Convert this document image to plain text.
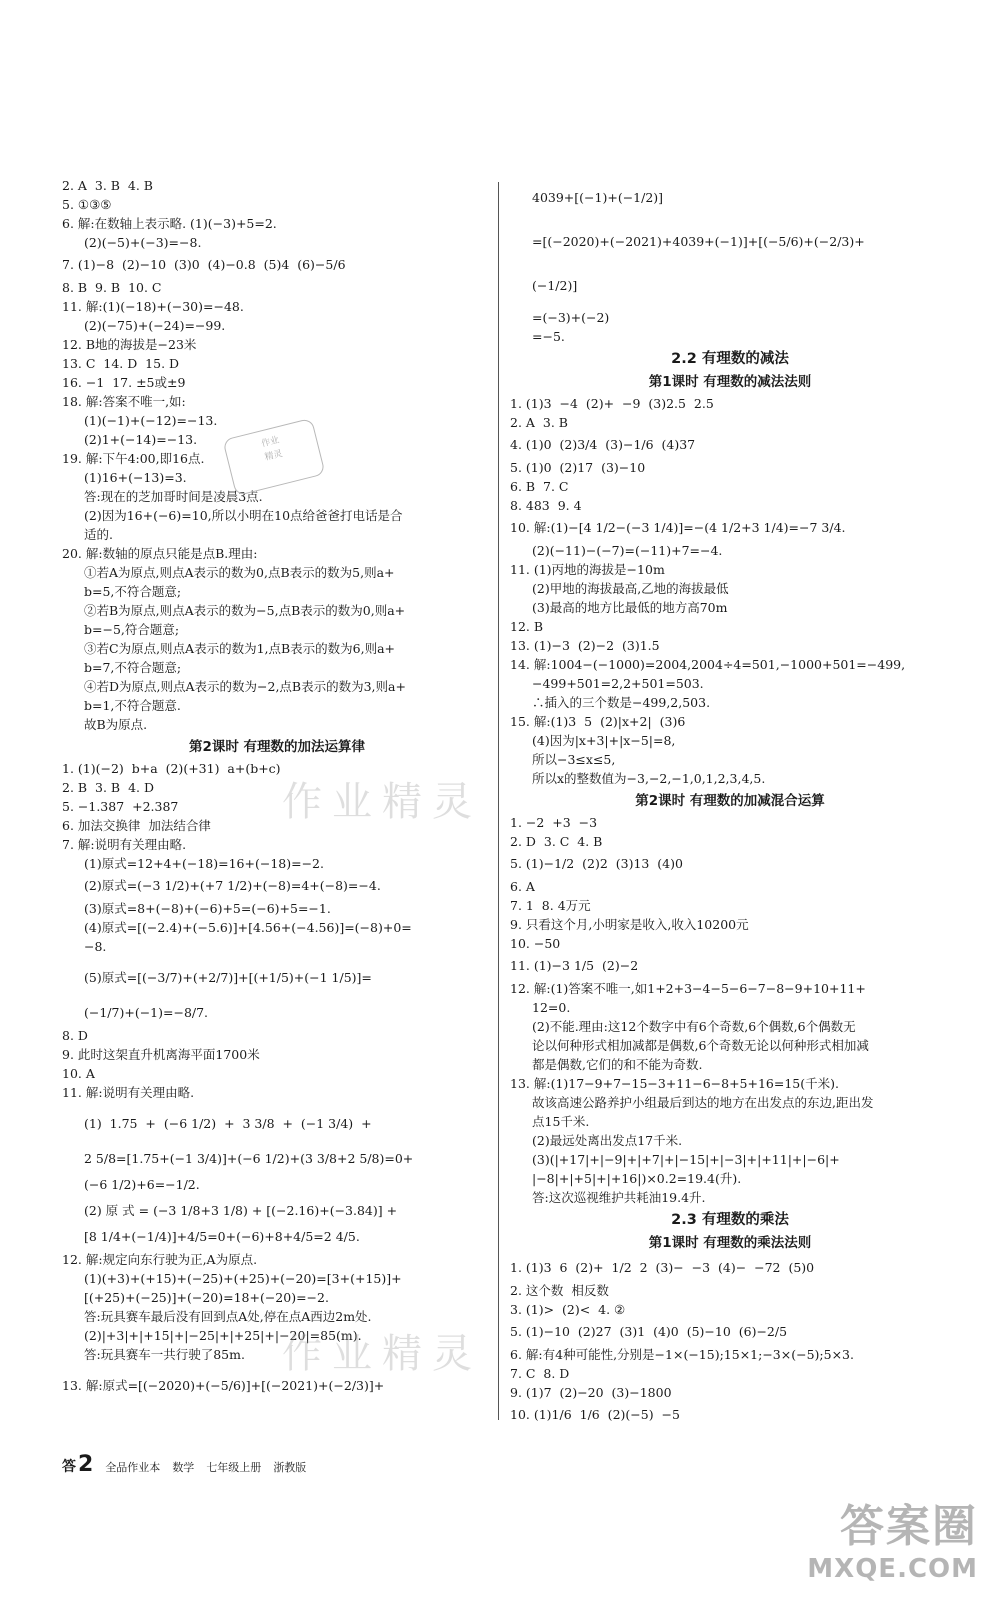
2. A  3. B  4. B
5. ①③⑤
6. 解:在数轴上表示略. (1)(−3)+5=2.
(2)(−5)+(−3)=−8.
7. (1)−8  (2)−10  (3)0  (4)−0.8  (5)4  (6)−5/6
8. B  9. B  10. C
11. 解:(1)(−18)+(−30)=−48.
(2)(−75)+(−24)=−99.
12. B地的海拔是−23米
13. C  14. D  15. D
16. −1  17. ±5或±9
18. 解:答案不唯一,如:
(1)(−1)+(−12)=−13.
(2)1+(−14)=−13.
19. 解:下午4:00,即16点.
(1)16+(−13)=3.
答:现在的芝加哥时间是凌晨3点.
(2)因为16+(−6)=10,所以小明在10点给爸爸打电话是合
适的.
20. 解:数轴的原点只能是点B.理由:
①若A为原点,则点A表示的数为0,点B表示的数为5,则a+
b=5,不符合题意;
②若B为原点,则点A表示的数为−5,点B表示的数为0,则a+
b=−5,符合题意;
③若C为原点,则点A表示的数为1,点B表示的数为6,则a+
b=7,不符合题意;
④若D为原点,则点A表示的数为−2,点B表示的数为3,则a+
b=1,不符合题意.
故B为原点.
第2课时 有理数的加法运算律
1. (1)(−2)  b+a  (2)(+31)  a+(b+c)
2. B  3. B  4. D
5. −1.387  +2.387
6. 加法交换律  加法结合律
7. 解:说明有关理由略.
(1)原式=12+4+(−18)=16+(−18)=−2.
(2)原式=(−3 1/2)+(+7 1/2)+(−8)=4+(−8)=−4.
(3)原式=8+(−8)+(−6)+5=(−6)+5=−1.
(4)原式=[(−2.4)+(−5.6)]+[4.56+(−4.56)]=(−8)+0=
−8.
(5)原式=[(−3/7)+(+2/7)]+[(+1/5)+(−1 1/5)]=
(−1/7)+(−1)=−8/7.
8. D
9. 此时这架直升机离海平面1700米
10. A
11. 解:说明有关理由略.
(1)  1.75  +  (−6 1/2)  +  3 3/8  +  (−1 3/4)  +
2 5/8=[1.75+(−1 3/4)]+(−6 1/2)+(3 3/8+2 5/8)=0+
(−6 1/2)+6=−1/2.
(2) 原 式 = (−3 1/8+3 1/8) + [(−2.16)+(−3.84)] +
[8 1/4+(−1/4)]+4/5=0+(−6)+8+4/5=2 4/5.
12. 解:规定向东行驶为正,A为原点.
(1)(+3)+(+15)+(−25)+(+25)+(−20)=[3+(+15)]+
[(+25)+(−25)]+(−20)=18+(−20)=−2.
答:玩具赛车最后没有回到点A处,停在点A西边2m处.
(2)|+3|+|+15|+|−25|+|+25|+|−20|=85(m).
答:玩具赛车一共行驶了85m.
13. 解:原式=[(−2020)+(−5/6)]+[(−2021)+(−2/3)]+
4039+[(−1)+(−1/2)]
=[(−2020)+(−2021)+4039+(−1)]+[(−5/6)+(−2/3)+
(−1/2)]
=(−3)+(−2)
=−5.
2.2 有理数的减法
第1课时 有理数的减法法则
1. (1)3  −4  (2)+  −9  (3)2.5  2.5
2. A  3. B
4. (1)0  (2)3/4  (3)−1/6  (4)37
5. (1)0  (2)17  (3)−10
6. B  7. C
8. 483  9. 4
10. 解:(1)−[4 1/2−(−3 1/4)]=−(4 1/2+3 1/4)=−7 3/4.
(2)(−11)−(−7)=(−11)+7=−4.
11. (1)丙地的海拔是−10m
(2)甲地的海拔最高,乙地的海拔最低
(3)最高的地方比最低的地方高70m
12. B
13. (1)−3  (2)−2  (3)1.5
14. 解:1004−(−1000)=2004,2004÷4=501,−1000+501=−499,
−499+501=2,2+501=503.
∴插入的三个数是−499,2,503.
15. 解:(1)3  5  (2)|x+2|  (3)6
(4)因为|x+3|+|x−5|=8,
所以−3≤x≤5,
所以x的整数值为−3,−2,−1,0,1,2,3,4,5.
第2课时 有理数的加减混合运算
1. −2  +3  −3
2. D  3. C  4. B
5. (1)−1/2  (2)2  (3)13  (4)0
6. A
7. 1  8. 4万元
9. 只看这个月,小明家是收入,收入10200元
10. −50
11. (1)−3 1/5  (2)−2
12. 解:(1)答案不唯一,如1+2+3−4−5−6−7−8−9+10+11+
12=0.
(2)不能.理由:这12个数字中有6个奇数,6个偶数,6个偶数无
论以何种形式相加减都是偶数,6个奇数无论以何种形式相加减
都是偶数,它们的和不能为奇数.
13. 解:(1)17−9+7−15−3+11−6−8+5+16=15(千米).
故该高速公路养护小组最后到达的地方在出发点的东边,距出发
点15千米.
(2)最远处离出发点17千米.
(3)(|+17|+|−9|+|+7|+|−15|+|−3|+|+11|+|−6|+
|−8|+|+5|+|+16|)×0.2=19.4(升).
答:这次巡视维护共耗油19.4升.
2.3 有理数的乘法
第1课时 有理数的乘法法则
1. (1)3  6  (2)+  1/2  2  (3)−  −3  (4)−  −72  (5)0
2. 这个数  相反数
3. (1)>  (2)<  4. ②
5. (1)−10  (2)27  (3)1  (4)0  (5)−10  (6)−2/5
6. 解:有4种可能性,分别是−1×(−15);15×1;−3×(−5);5×3.
7. C  8. D
9. (1)7  (2)−20  (3)−1800
10. (1)1/6  1/6  (2)(−5)  −5
作业
精灵
作业精灵
作业精灵
答 2 全品作业本 数学 七年级上册 浙教版
答案圈
MXQE.COM
